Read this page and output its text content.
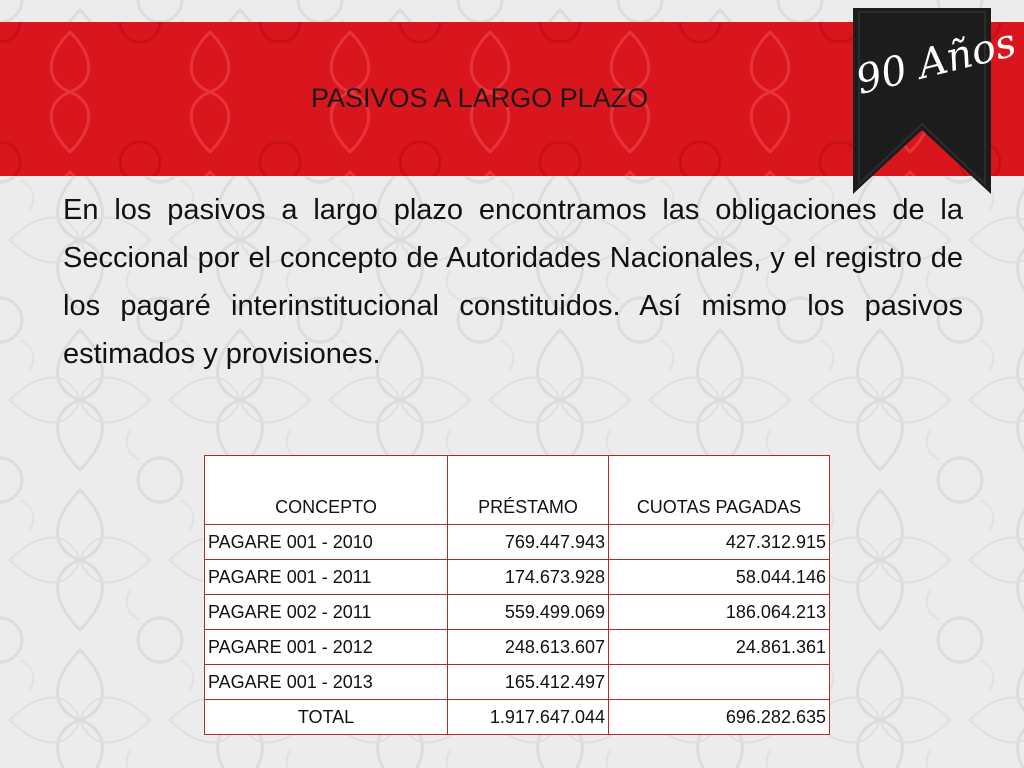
PASIVOS A LARGO PLAZO	90 Años
En los pasivos a largo plazo encontramos las obligaciones de la Seccional por el concepto de Autoridades Nacionales, y el registro de los pagaré interinstitucional constituidos. Así mismo los pasivos estimados y provisiones.
CONCEPTO	PRÉSTAMO	CUOTAS PAGADAS
PAGARE 001 - 2010	769.447.943	427.312.915
PAGARE 001 - 2011	174.673.928	58.044.146
PAGARE 002 - 2011	559.499.069	186.064.213
PAGARE 001 - 2012	248.613.607	24.861.361
PAGARE 001 - 2013	165.412.497	
TOTAL	1.917.647.044	696.282.635
